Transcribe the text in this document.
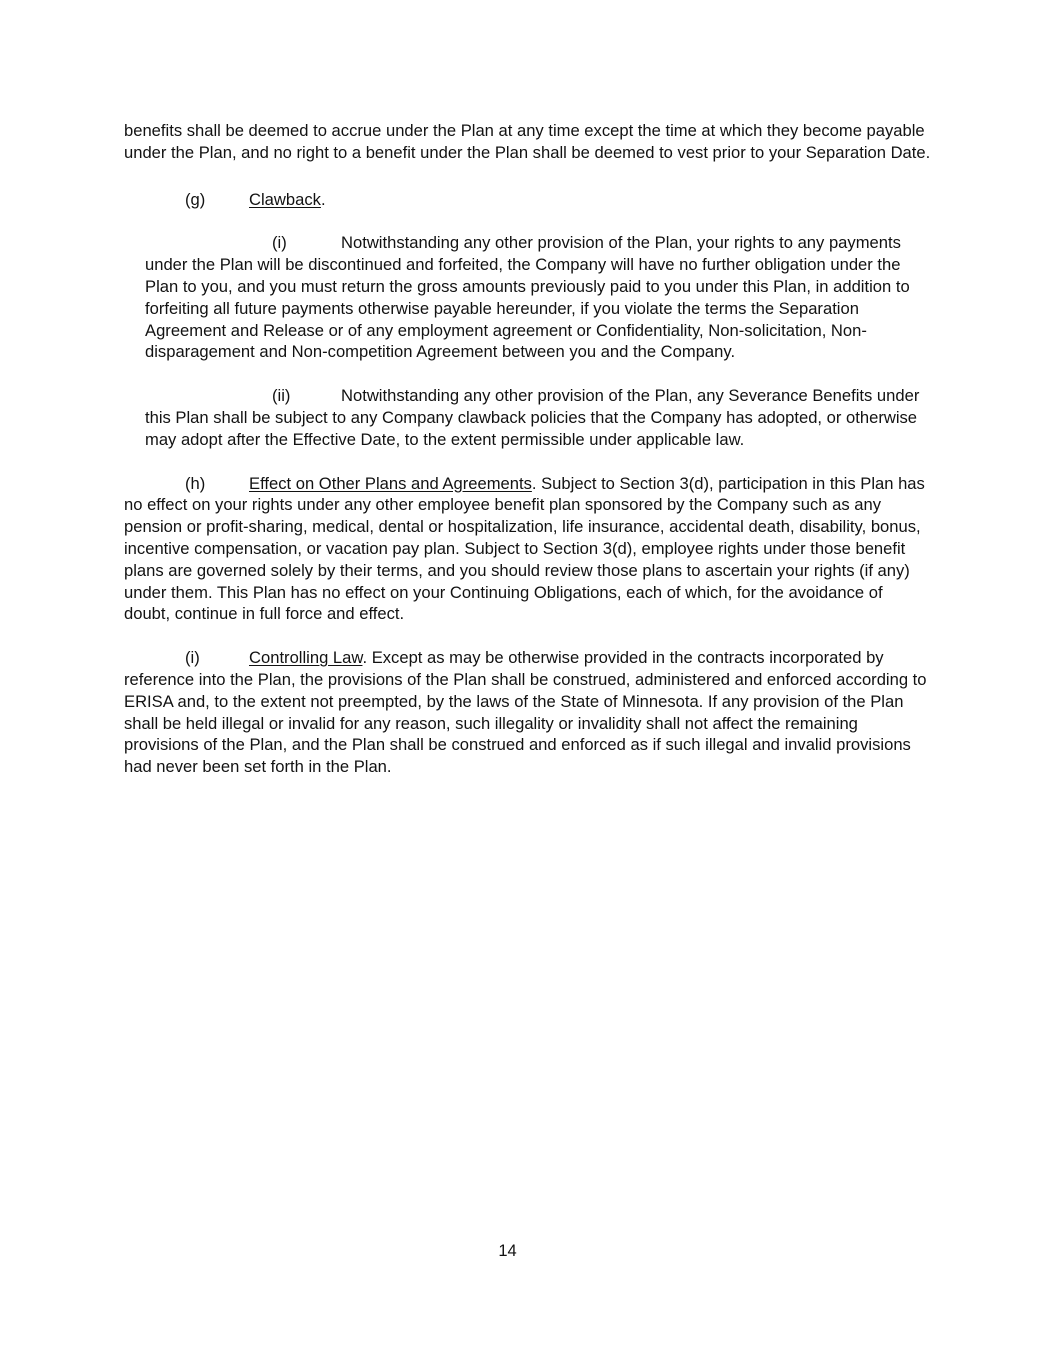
benefits shall be deemed to accrue under the Plan at any time except the time at which they become payable under the Plan, and no right to a benefit under the Plan shall be deemed to vest prior to your Separation Date.

(g)	Clawback.

(i)	Notwithstanding any other provision of the Plan, your rights to any payments under the Plan will be discontinued and forfeited, the Company will have no further obligation under the Plan to you, and you must return the gross amounts previously paid to you under this Plan, in addition to forfeiting all future payments otherwise payable hereunder, if you violate the terms the Separation Agreement and Release or of any employment agreement or Confidentiality, Non-solicitation, Non-disparagement and Non-competition Agreement between you and the Company.

(ii)	Notwithstanding any other provision of the Plan, any Severance Benefits under this Plan shall be subject to any Company clawback policies that the Company has adopted, or otherwise may adopt after the Effective Date, to the extent permissible under applicable law.

(h)	Effect on Other Plans and Agreements. Subject to Section 3(d), participation in this Plan has no effect on your rights under any other employee benefit plan sponsored by the Company such as any pension or profit-sharing, medical, dental or hospitalization, life insurance, accidental death, disability, bonus, incentive compensation, or vacation pay plan. Subject to Section 3(d), employee rights under those benefit plans are governed solely by their terms, and you should review those plans to ascertain your rights (if any) under them. This Plan has no effect on your Continuing Obligations, each of which, for the avoidance of doubt, continue in full force and effect.

(i)	Controlling Law. Except as may be otherwise provided in the contracts incorporated by reference into the Plan, the provisions of the Plan shall be construed, administered and enforced according to ERISA and, to the extent not preempted, by the laws of the State of Minnesota. If any provision of the Plan shall be held illegal or invalid for any reason, such illegality or invalidity shall not affect the remaining provisions of the Plan, and the Plan shall be construed and enforced as if such illegal and invalid provisions had never been set forth in the Plan.

14
